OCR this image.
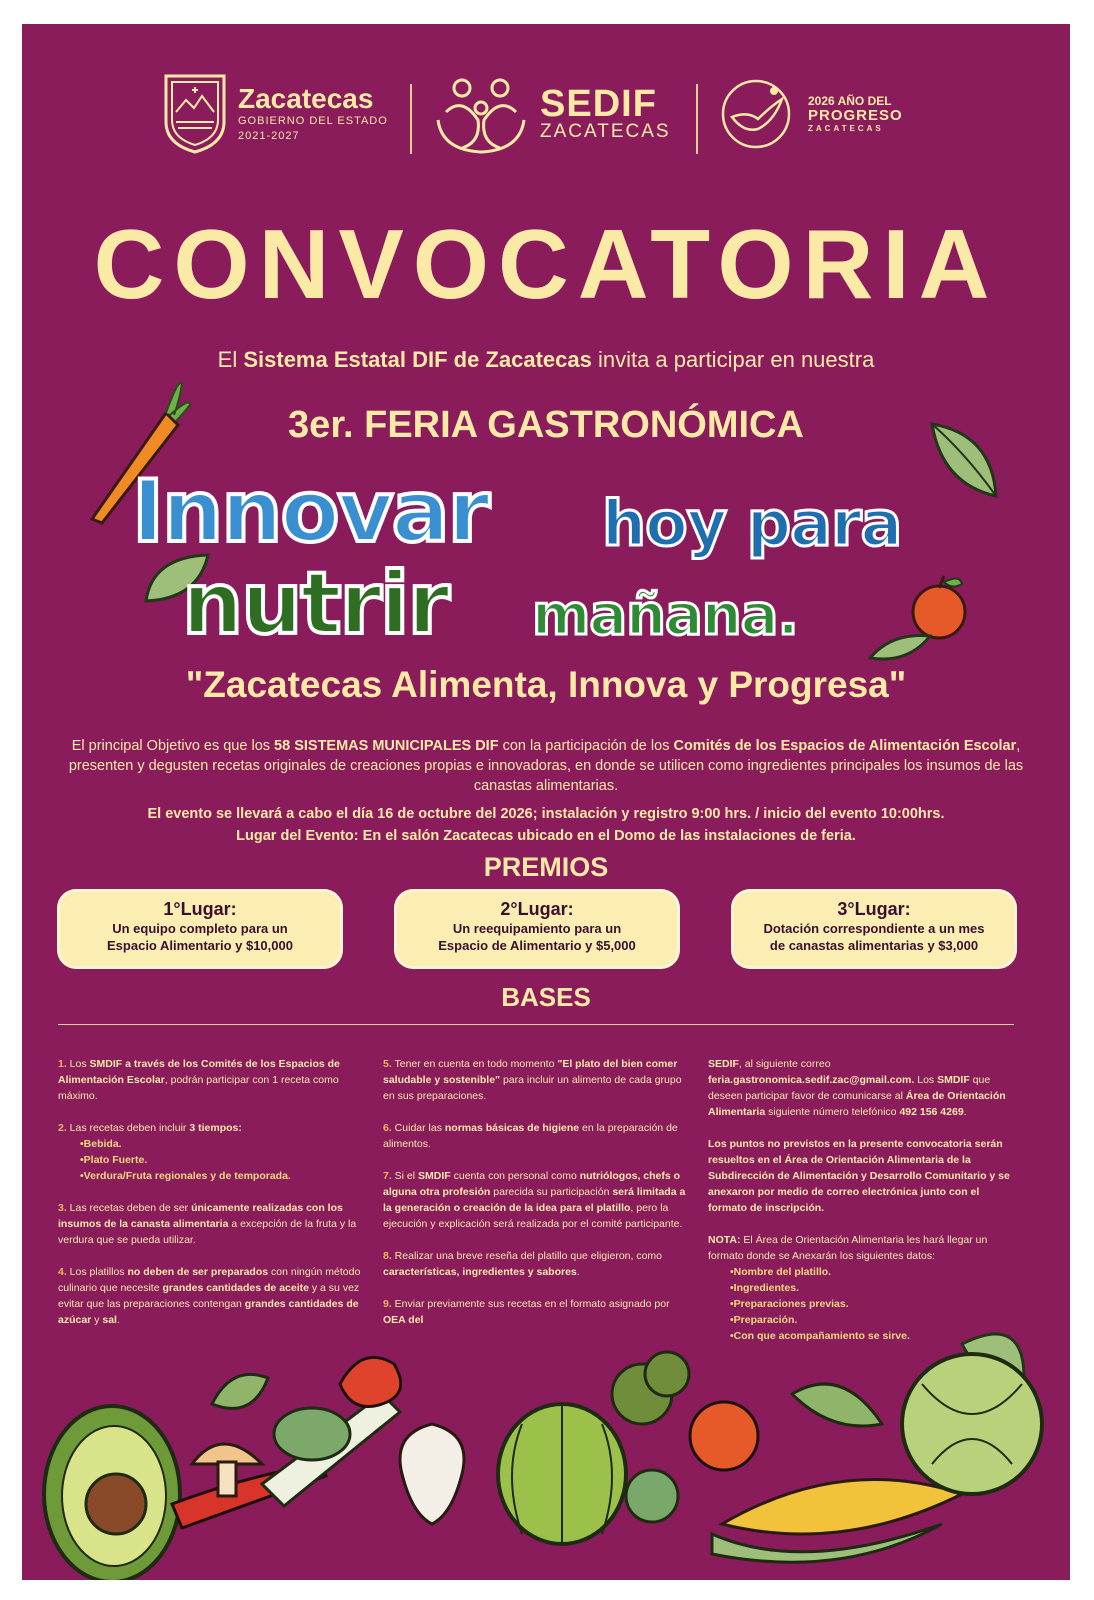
Zacatecas
GOBIERNO DEL ESTADO
2021-2027
SEDIF
ZACATECAS
2026 AÑO DEL
PROGRESO
ZACATECAS
CONVOCATORIA
El Sistema Estatal DIF de Zacatecas invita a participar en nuestra
3er. FERIA GASTRONÓMICA
Innovar hoy para
nutrir mañana.
"Zacatecas Alimenta, Innova y Progresa"
El principal Objetivo es que los 58 SISTEMAS MUNICIPALES DIF con la participación de los Comités de los Espacios de Alimentación Escolar, presenten y degusten recetas originales de creaciones propias e innovadoras, en donde se utilicen como ingredientes principales los insumos de las canastas alimentarias.
El evento se llevará a cabo el día 16 de octubre del 2026; instalación y registro 9:00 hrs. / inicio del evento 10:00hrs.
Lugar del Evento: En el salón Zacatecas ubicado en el Domo de las instalaciones de feria.
PREMIOS
1°Lugar:
Un equipo completo para un
Espacio Alimentario y $10,000
2°Lugar:
Un reequipamiento para un
Espacio de Alimentario y $5,000
3°Lugar:
Dotación correspondiente a un mes
de canastas alimentarias y $3,000
BASES

1. Los SMDIF a través de los Comités de los Espacios de Alimentación Escolar, podrán participar con 1 receta como máximo.

2. Las recetas deben incluir 3 tiempos:
•Bebida.
•Plato Fuerte.
•Verdura/Fruta regionales y de temporada.

3. Las recetas deben de ser únicamente realizadas con los insumos de la canasta alimentaria a excepción de la fruta y la verdura que se pueda utilizar.

4. Los platillos no deben de ser preparados con ningún método culinario que necesite grandes cantidades de aceite y a su vez evitar que las preparaciones contengan grandes cantidades de azúcar y sal.

5. Tener en cuenta en todo momento "El plato del bien comer saludable y sostenible" para incluir un alimento de cada grupo en sus preparaciones.

6. Cuidar las normas básicas de higiene en la preparación de alimentos.

7. Si el SMDIF cuenta con personal como nutriólogos, chefs o alguna otra profesión parecida su participación será limitada a la generación o creación de la idea para el platillo, pero la ejecución y explicación será realizada por el comité participante.

8. Realizar una breve reseña del platillo que eligieron, como características, ingredientes y sabores.

9. Enviar previamente sus recetas en el formato asignado por OEA del

SEDIF, al siguiente correo feria.gastronomica.sedif.zac@gmail.com. Los SMDIF que deseen participar favor de comunicarse al Área de Orientación Alimentaria siguiente número telefónico 492 156 4269.

Los puntos no previstos en la presente convocatoria serán resueltos en el Área de Orientación Alimentaria de la Subdirección de Alimentación y Desarrollo Comunitario y se anexaron por medio de correo electrónica junto con el formato de inscripción.

NOTA: El Área de Orientación Alimentaria les hará llegar un formato donde se Anexarán los siguientes datos:
•Nombre del platillo.
•Ingredientes.
•Preparaciones previas.
•Preparación.
•Con que acompañamiento se sirve.
